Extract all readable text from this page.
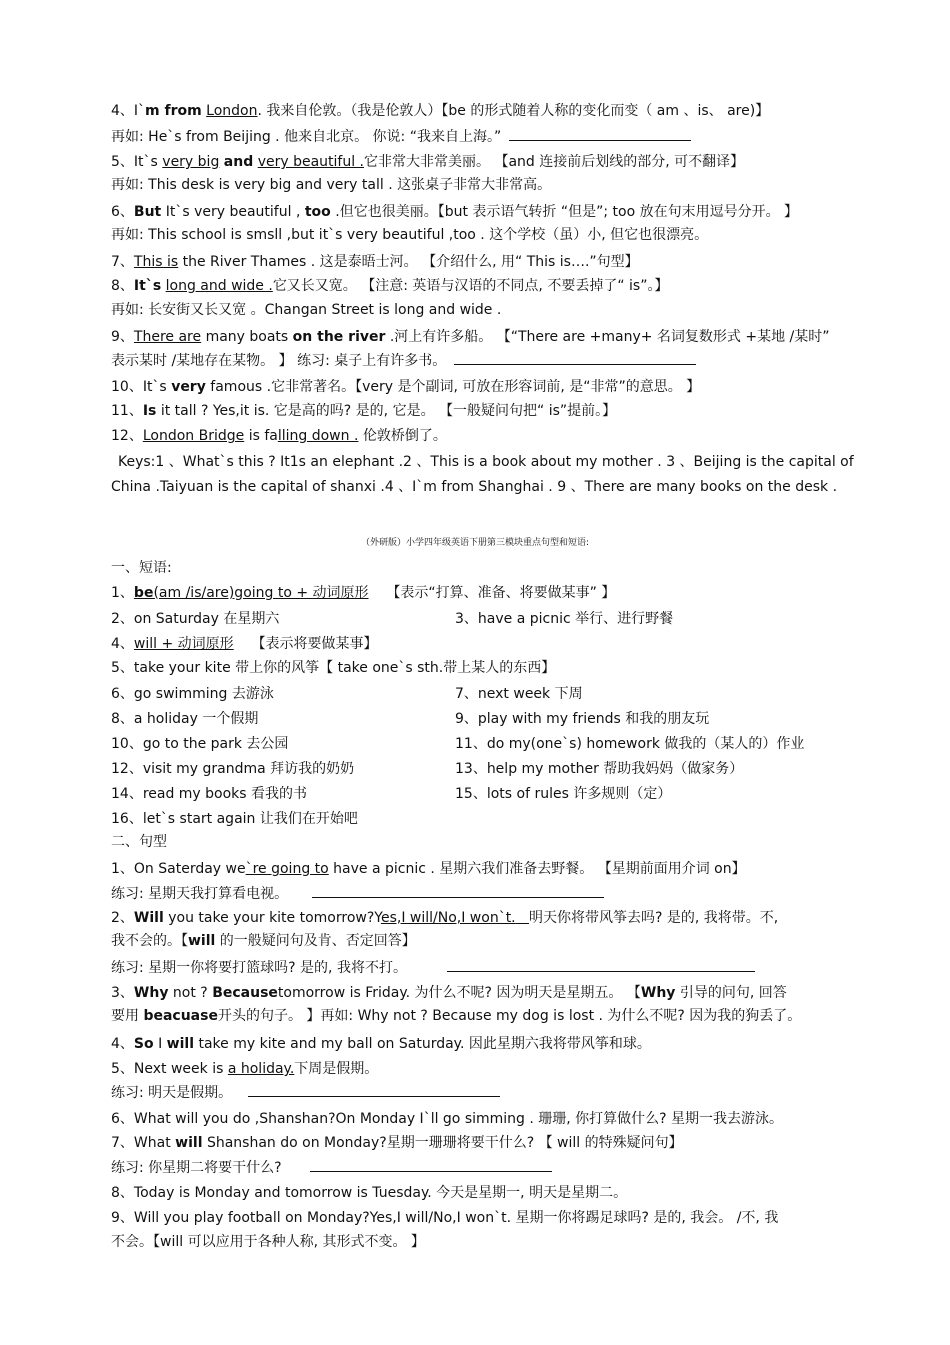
4、I`m from London. 我来自伦敦。（我是伦敦人）【be 的形式随着人称的变化而变（ am 、is、 are)】
再如: He`s from Beijing . 他来自北京。 你说: “我来自上海。”
5、It`s very big and very beautiful .它非常大非常美丽。 【and 连接前后划线的部分, 可不翻译】
再如: This desk is very big and very tall . 这张桌子非常大非常高。
6、But It`s very beautiful , too .但它也很美丽。【but 表示语气转折 “但是”; too 放在句末用逗号分开。 】
再如: This school is smsll ,but it`s very beautiful ,too . 这个学校（虽）小, 但它也很漂亮。
7、This is the River Thames . 这是泰晤士河。 【介绍什么, 用“ This is….”句型】
8、It`s long and wide .它又长又宽。 【注意: 英语与汉语的不同点, 不要丢掉了“ is”。】
再如: 长安街又长又宽 。Changan Street is long and wide .
9、There are many boats on the river .河上有许多船。 【“There are +many+ 名词复数形式 +某地 /某时”
表示某时 /某地存在某物。 】 练习: 桌子上有许多书。
10、It`s very famous .它非常著名。【very 是个副词, 可放在形容词前, 是“非常”的意思。 】
11、Is it tall ? Yes,it is. 它是高的吗? 是的, 它是。 【一般疑问句把“ is”提前。】
12、London Bridge is falling down . 伦敦桥倒了。
Keys:1 、What`s this ? It1s an elephant .2 、This is a book about my mother . 3 、Beijing is the capital of
China .Taiyuan is the capital of shanxi .4 、I`m from Shanghai . 9 、There are many books on the desk .
（外研版）小学四年级英语下册第三模块重点句型和短语:
一、短语:
1、be(am /is/are)going to + 动词原形 【表示“打算、准备、将要做某事” 】
2、on Saturday 在星期六	3、have a picnic 举行、进行野餐
4、will + 动词原形 【表示将要做某事】
5、take your kite 带上你的风筝【 take one`s sth.带上某人的东西】
6、go swimming 去游泳	7、next week 下周
8、a holiday 一个假期	9、play with my friends 和我的朋友玩
10、go to the park 去公园	11、do my(one`s) homework 做我的（某人的）作业
12、visit my grandma 拜访我的奶奶	13、help my mother 帮助我妈妈（做家务）
14、read my books 看我的书	15、lots of rules 许多规则（定）
16、let`s start again 让我们在开始吧
二、句型
1、On Saterday we`re going to have a picnic . 星期六我们准备去野餐。 【星期前面用介词 on】
练习: 星期天我打算看电视。
2、Will you take your kite tomorrow?Yes,I will/No,I won`t. 明天你将带风筝去吗? 是的, 我将带。不,
我不会的。【will 的一般疑问句及肯、否定回答】
练习: 星期一你将要打篮球吗? 是的, 我将不打。
3、Why not ? Becausetomorrow is Friday. 为什么不呢? 因为明天是星期五。 【Why 引导的问句, 回答
要用 beacuase开头的句子。 】再如: Why not ? Because my dog is lost . 为什么不呢? 因为我的狗丢了。
4、So I will take my kite and my ball on Saturday. 因此星期六我将带风筝和球。
5、Next week is a holiday.下周是假期。
练习: 明天是假期。
6、What will you do ,Shanshan?On Monday I`ll go simming . 珊珊, 你打算做什么? 星期一我去游泳。
7、What will Shanshan do on Monday?星期一珊珊将要干什么? 【 will 的特殊疑问句】
练习: 你星期二将要干什么?
8、Today is Monday and tomorrow is Tuesday. 今天是星期一, 明天是星期二。
9、Will you play football on Monday?Yes,I will/No,I won`t. 星期一你将踢足球吗? 是的, 我会。 /不, 我
不会。【will 可以应用于各种人称, 其形式不变。 】
